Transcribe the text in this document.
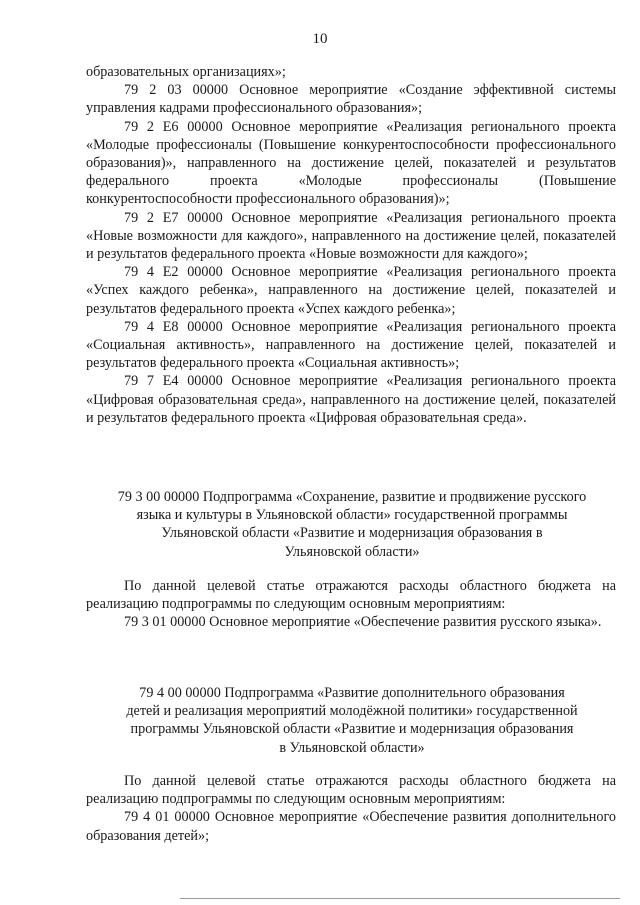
10

образовательных организациях»;

79 2 03 00000 Основное мероприятие «Создание эффективной системы управления кадрами профессионального образования»;

79 2 Е6 00000 Основное мероприятие «Реализация регионального проекта «Молодые профессионалы (Повышение конкурентоспособности профессионального образования)», направленного на достижение целей, показателей и результатов федерального проекта «Молодые профессионалы (Повышение конкурентоспособности профессионального образования)»;

79 2 Е7 00000 Основное мероприятие «Реализация регионального проекта «Новые возможности для каждого», направленного на достижение целей, показателей и результатов федерального проекта «Новые возможности для каждого»;

79 4 Е2 00000 Основное мероприятие «Реализация регионального проекта «Успех каждого ребенка», направленного на достижение целей, показателей и результатов федерального проекта «Успех каждого ребенка»;

79 4 Е8 00000 Основное мероприятие «Реализация регионального проекта «Социальная активность», направленного на достижение целей, показателей и результатов федерального проекта «Социальная активность»;

79 7 Е4 00000 Основное мероприятие «Реализация регионального проекта «Цифровая образовательная среда», направленного на достижение целей, показателей и результатов федерального проекта «Цифровая образовательная среда».

79 3 00 00000 Подпрограмма «Сохранение, развитие и продвижение русского
языка и культуры в Ульяновской области» государственной программы
Ульяновской области «Развитие и модернизация образования в
Ульяновской области»

По данной целевой статье отражаются расходы областного бюджета на реализацию подпрограммы по следующим основным мероприятиям:

79 3 01 00000 Основное мероприятие «Обеспечение развития русского языка».

79 4 00 00000 Подпрограмма «Развитие дополнительного образования
детей и реализация мероприятий молодёжной политики» государственной
программы Ульяновской области «Развитие и модернизация образования
в Ульяновской области»

По данной целевой статье отражаются расходы областного бюджета на реализацию подпрограммы по следующим основным мероприятиям:

79 4 01 00000 Основное мероприятие «Обеспечение развития дополнительного образования детей»;
